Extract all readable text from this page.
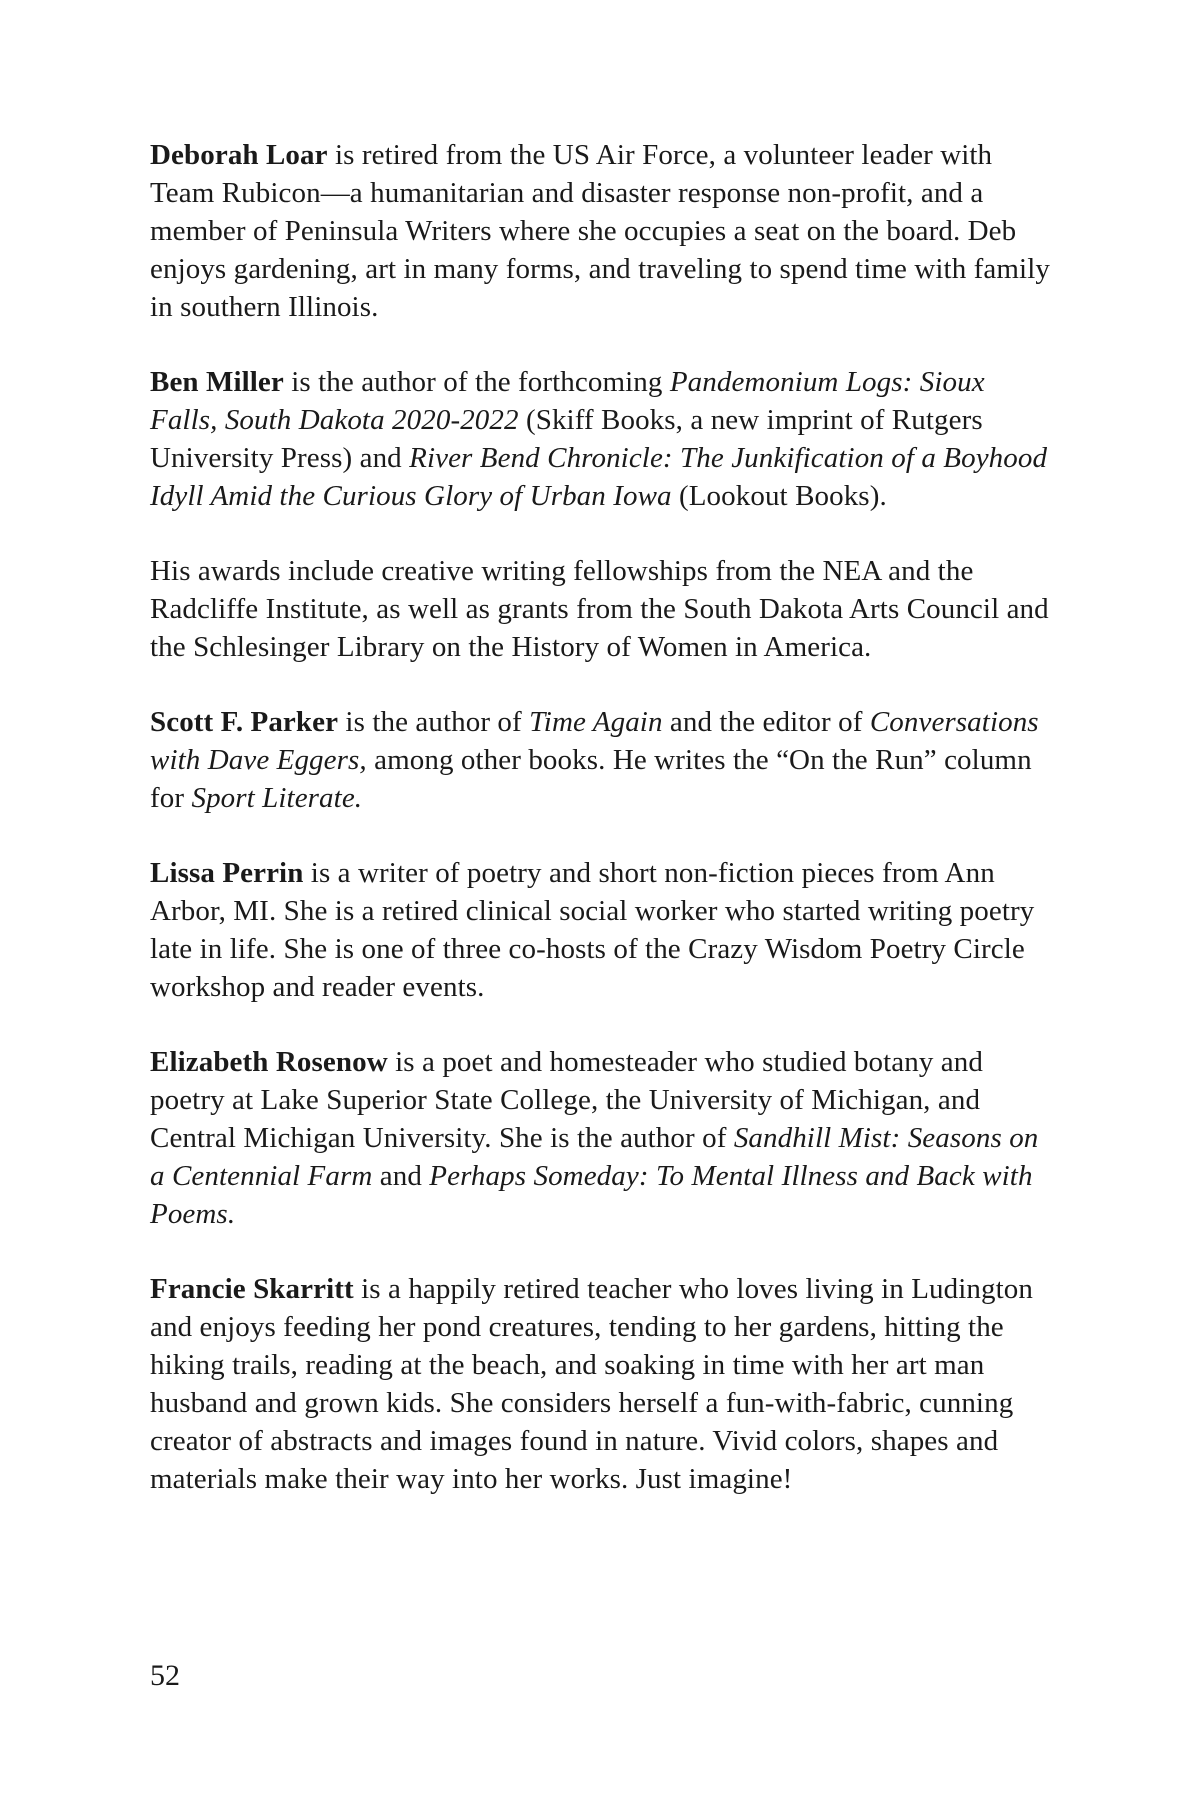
Deborah Loar is retired from the US Air Force, a volunteer leader with Team Rubicon—a humanitarian and disaster response non-profit, and a member of Peninsula Writers where she occupies a seat on the board. Deb enjoys gardening, art in many forms, and traveling to spend time with family in southern Illinois.

Ben Miller is the author of the forthcoming Pandemonium Logs: Sioux Falls, South Dakota 2020-2022 (Skiff Books, a new imprint of Rutgers University Press) and River Bend Chronicle: The Junkification of a Boyhood Idyll Amid the Curious Glory of Urban Iowa (Lookout Books).

His awards include creative writing fellowships from the NEA and the Radcliffe Institute, as well as grants from the South Dakota Arts Council and the Schlesinger Library on the History of Women in America.

Scott F. Parker is the author of Time Again and the editor of Conversations with Dave Eggers, among other books. He writes the “On the Run” column for Sport Literate.

Lissa Perrin is a writer of poetry and short non-fiction pieces from Ann Arbor, MI. She is a retired clinical social worker who started writing poetry late in life. She is one of three co-hosts of the Crazy Wisdom Poetry Circle workshop and reader events.

Elizabeth Rosenow is a poet and homesteader who studied botany and poetry at Lake Superior State College, the University of Michigan, and Central Michigan University. She is the author of Sandhill Mist: Seasons on a Centennial Farm and Perhaps Someday: To Mental Illness and Back with Poems.

Francie Skarritt is a happily retired teacher who loves living in Ludington and enjoys feeding her pond creatures, tending to her gardens, hitting the hiking trails, reading at the beach, and soaking in time with her art man husband and grown kids. She considers herself a fun-with-fabric, cunning creator of abstracts and images found in nature. Vivid colors, shapes and materials make their way into her works. Just imagine!

52
